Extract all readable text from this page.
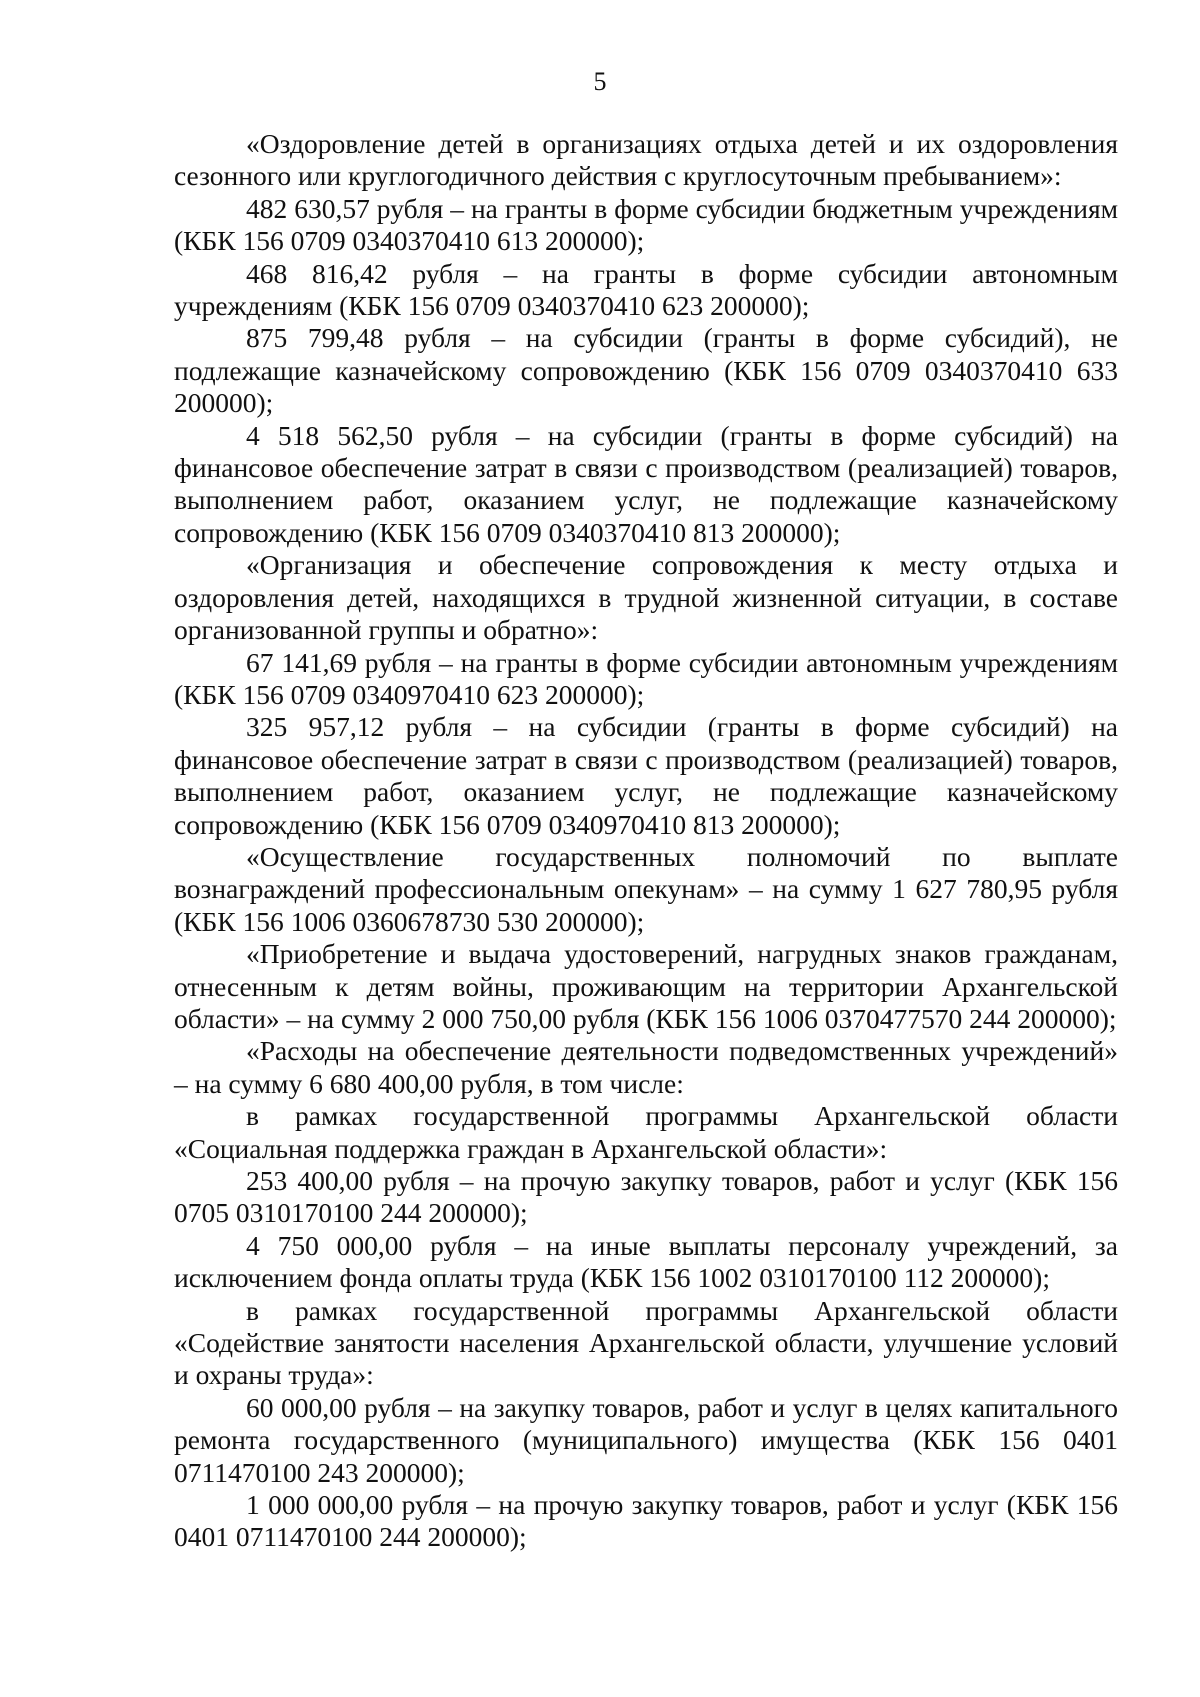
5

«Оздоровление детей в организациях отдыха детей и их оздоровления сезонного или круглогодичного действия с круглосуточным пребыванием»:

482 630,57 рубля – на гранты в форме субсидии бюджетным учреждениям (КБК 156 0709 0340370410 613 200000);

468 816,42 рубля – на гранты в форме субсидии автономным учреждениям (КБК 156 0709 0340370410 623 200000);

875 799,48 рубля – на субсидии (гранты в форме субсидий), не подлежащие казначейскому сопровождению (КБК 156 0709 0340370410 633 200000);

4 518 562,50 рубля – на субсидии (гранты в форме субсидий) на финансовое обеспечение затрат в связи с производством (реализацией) товаров, выполнением работ, оказанием услуг, не подлежащие казначейскому сопровождению (КБК 156 0709 0340370410 813 200000);

«Организация и обеспечение сопровождения к месту отдыха и оздоровления детей, находящихся в трудной жизненной ситуации, в составе организованной группы и обратно»:

67 141,69 рубля – на гранты в форме субсидии автономным учреждениям (КБК 156 0709 0340970410 623 200000);

325 957,12 рубля – на субсидии (гранты в форме субсидий) на финансовое обеспечение затрат в связи с производством (реализацией) товаров, выполнением работ, оказанием услуг, не подлежащие казначейскому сопровождению (КБК 156 0709 0340970410 813 200000);

«Осуществление государственных полномочий по выплате вознаграждений профессиональным опекунам» – на сумму 1 627 780,95 рубля (КБК 156 1006 0360678730 530 200000);

«Приобретение и выдача удостоверений, нагрудных знаков гражданам, отнесенным к детям войны, проживающим на территории Архангельской области» – на сумму 2 000 750,00 рубля (КБК 156 1006 0370477570 244 200000);

«Расходы на обеспечение деятельности подведомственных учреждений» – на сумму 6 680 400,00 рубля, в том числе:

в рамках государственной программы Архангельской области «Социальная поддержка граждан в Архангельской области»:

253 400,00 рубля – на прочую закупку товаров, работ и услуг (КБК 156 0705 0310170100 244 200000);

4 750 000,00 рубля – на иные выплаты персоналу учреждений, за исключением фонда оплаты труда (КБК 156 1002 0310170100 112 200000);

в рамках государственной программы Архангельской области «Содействие занятости населения Архангельской области, улучшение условий и охраны труда»:

60 000,00 рубля – на закупку товаров, работ и услуг в целях капитального ремонта государственного (муниципального) имущества (КБК 156 0401 0711470100 243 200000);

1 000 000,00 рубля – на прочую закупку товаров, работ и услуг (КБК 156 0401 0711470100 244 200000);
